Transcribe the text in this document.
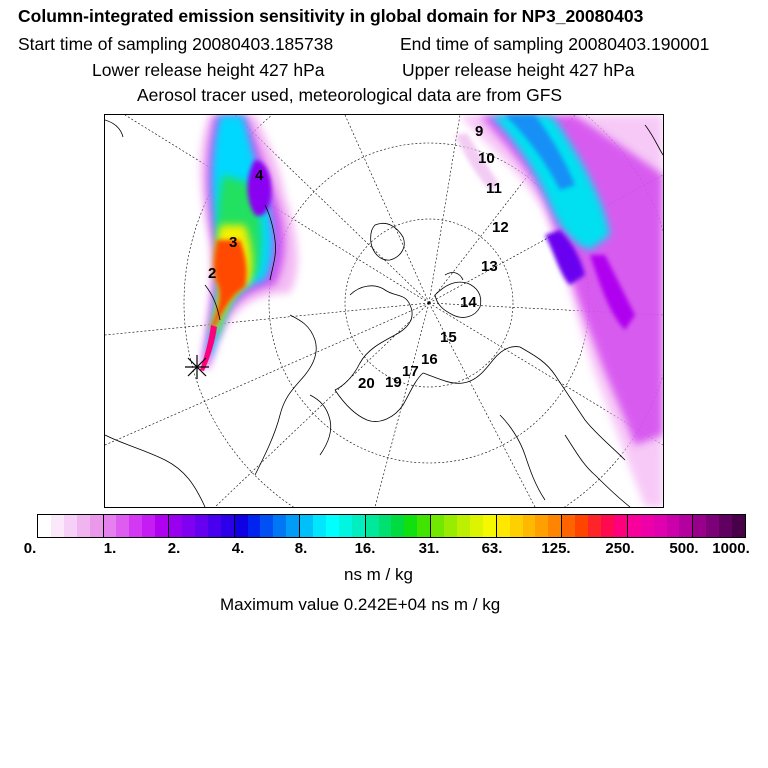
Column-integrated emission sensitivity in global domain for NP3_20080403
Start time of sampling 20080403.185738	End time of sampling 20080403.190001
Lower release height 427 hPa	Upper release height 427 hPa
Aerosol tracer used, meteorological data are from GFS
2
3
4
9
10
11
12
13
14
15
16
17
19
20
0.	1.	2.	4.	8.	16.	31.	63.	125. 250. 500. 1000.
ns m / kg
Maximum value 0.242E+04 ns m / kg
